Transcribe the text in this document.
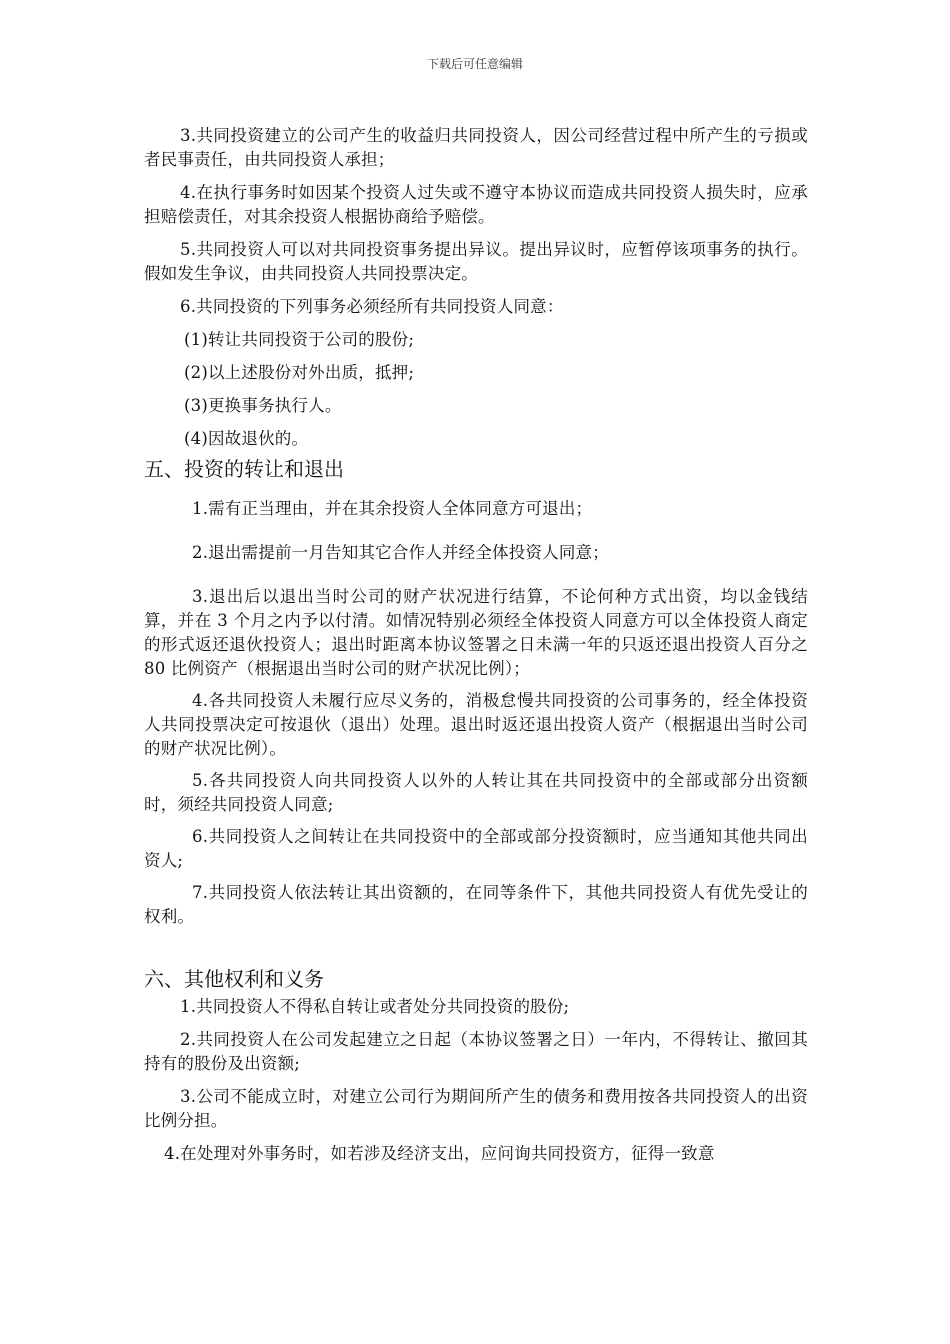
下载后可任意编辑

3.共同投资建立的公司产生的收益归共同投资人，因公司经营过程中所产生的亏损或者民事责任，由共同投资人承担；

4.在执行事务时如因某个投资人过失或不遵守本协议而造成共同投资人损失时，应承担赔偿责任，对其余投资人根据协商给予赔偿。

5.共同投资人可以对共同投资事务提出异议。提出异议时，应暂停该项事务的执行。假如发生争议，由共同投资人共同投票决定。

6.共同投资的下列事务必须经所有共同投资人同意：

(1)转让共同投资于公司的股份;

(2)以上述股份对外出质，抵押;

(3)更换事务执行人。

(4)因故退伙的。

五、投资的转让和退出

1.需有正当理由，并在其余投资人全体同意方可退出；

2.退出需提前一月告知其它合作人并经全体投资人同意；

3.退出后以退出当时公司的财产状况进行结算，不论何种方式出资，均以金钱结算，并在 3 个月之内予以付清。如情况特别必须经全体投资人同意方可以全体投资人商定的形式返还退伙投资人；退出时距离本协议签署之日未满一年的只返还退出投资人百分之 80 比例资产（根据退出当时公司的财产状况比例）；

4.各共同投资人未履行应尽义务的，消极怠慢共同投资的公司事务的，经全体投资人共同投票决定可按退伙（退出）处理。退出时返还退出投资人资产（根据退出当时公司的财产状况比例）。

5.各共同投资人向共同投资人以外的人转让其在共同投资中的全部或部分出资额时，须经共同投资人同意;

6.共同投资人之间转让在共同投资中的全部或部分投资额时，应当通知其他共同出资人;

7.共同投资人依法转让其出资额的，在同等条件下，其他共同投资人有优先受让的权利。

六、其他权利和义务

1.共同投资人不得私自转让或者处分共同投资的股份;

2.共同投资人在公司发起建立之日起（本协议签署之日）一年内，不得转让、撤回其持有的股份及出资额;

3.公司不能成立时，对建立公司行为期间所产生的债务和费用按各共同投资人的出资比例分担。

4.在处理对外事务时，如若涉及经济支出，应问询共同投资方，征得一致意
